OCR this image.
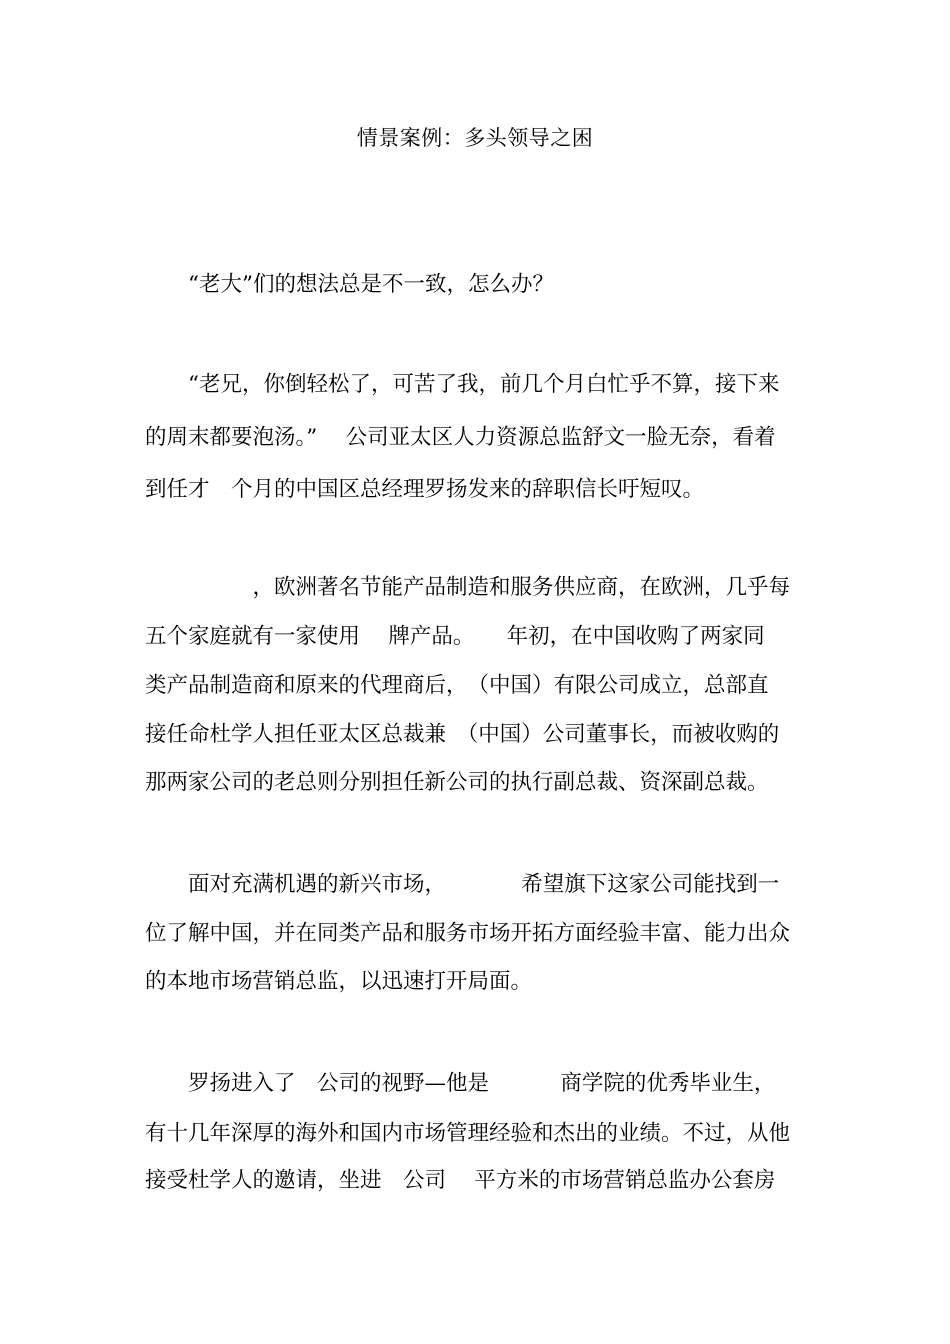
情景案例：多头领导之困
　　“老大”们的想法总是不一致，怎么办？
　　“老兄，你倒轻松了，可苦了我，前几个月白忙乎不算，接下来
的周末都要泡汤。”　 公司亚太区人力资源总监舒文一脸无奈，看着
到任才　个月的中国区总经理罗扬发来的辞职信长吁短叹。
　　　　　，欧洲著名节能产品制造和服务供应商，在欧洲，几乎每
五个家庭就有一家使用　 牌产品。　　年初，在中国收购了两家同
类产品制造商和原来的代理商后，　（中国）有限公司成立，总部直
接任命杜学人担任亚太区总裁兼　（中国）公司董事长，而被收购的
那两家公司的老总则分别担任新公司的执行副总裁、资深副总裁。
　　面对充满机遇的新兴市场，　　　　希望旗下这家公司能找到一
位了解中国，并在同类产品和服务市场开拓方面经验丰富、能力出众
的本地市场营销总监，以迅速打开局面。
　　罗扬进入了　公司的视野—他是　　　 商学院的优秀毕业生，
有十几年深厚的海外和国内市场管理经验和杰出的业绩。不过，从他
接受杜学人的邀请，坐进　公司　 平方米的市场营销总监办公套房
